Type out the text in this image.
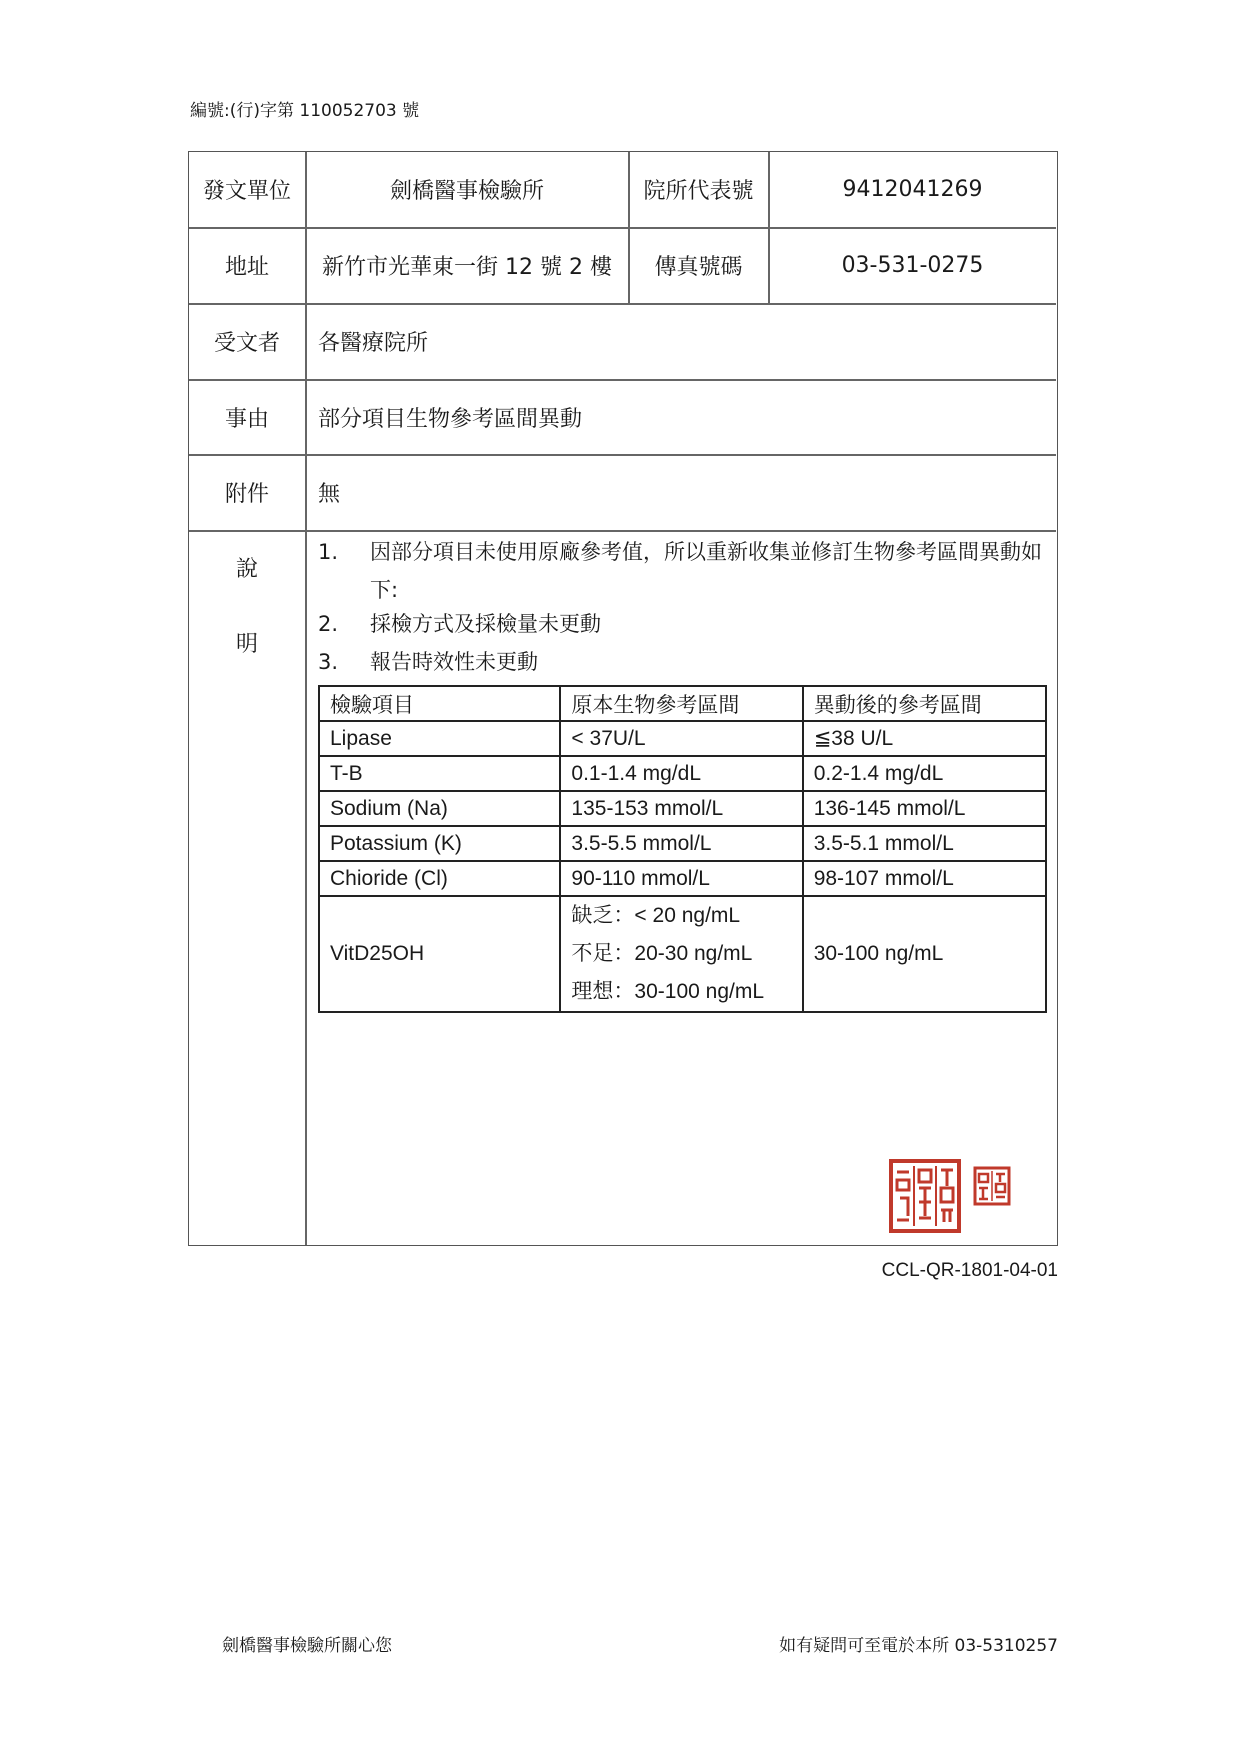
編號:(行)字第 110052703 號
發文單位	劍橋醫事檢驗所	院所代表號	9412041269
地址	新竹市光華東一街 12 號 2 樓	傳真號碼	03-531-0275
受文者	各醫療院所
事由	部分項目生物參考區間異動
附件	無
說
明
1. 因部分項目未使用原廠參考值，所以重新收集並修訂生物參考區間異動如下:
2. 採檢方式及採檢量未更動
3. 報告時效性未更動
檢驗項目	原本生物參考區間	異動後的參考區間
Lipase	< 37U/L	≦38 U/L
T-B	0.1-1.4 mg/dL	0.2-1.4 mg/dL
Sodium (Na)	135-153 mmol/L	136-145 mmol/L
Potassium (K)	3.5-5.5 mmol/L	3.5-5.1 mmol/L
Chioride (Cl)	90-110 mmol/L	98-107 mmol/L
VitD25OH	缺乏：< 20 ng/mL
不足：20-30 ng/mL
理想：30-100 ng/mL	30-100 ng/mL
CCL-QR-1801-04-01
劍橋醫事檢驗所關心您	如有疑問可至電於本所 03-5310257
